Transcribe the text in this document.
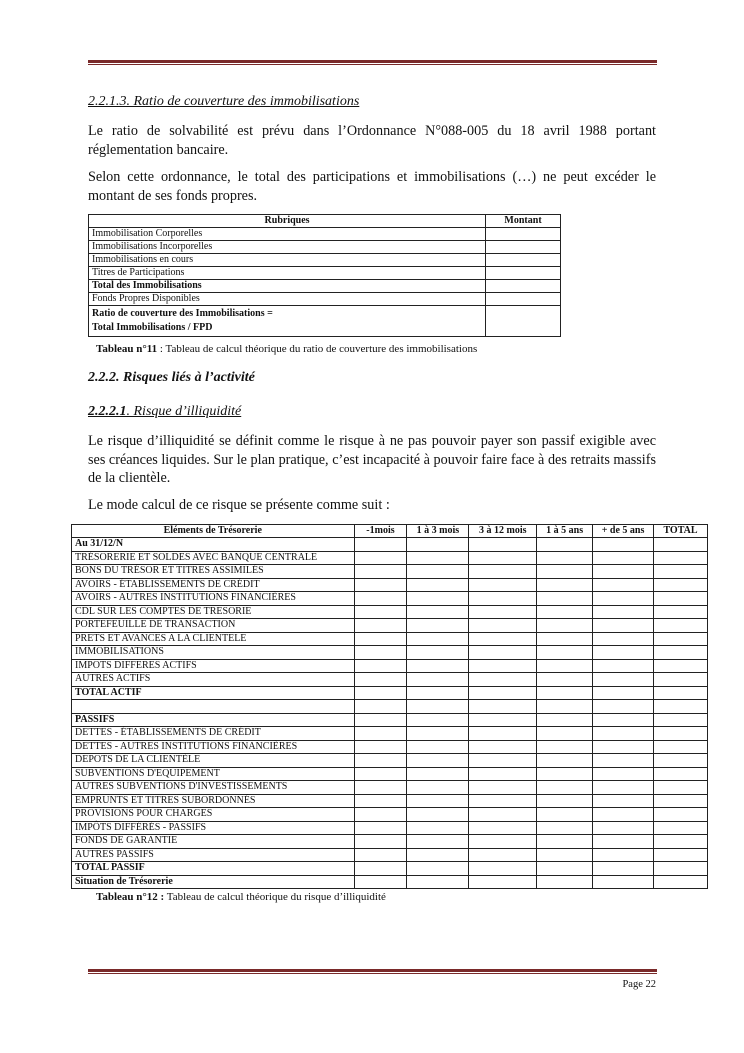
2.2.1.3. Ratio de couverture des immobilisations
Le ratio de solvabilité est prévu dans l’Ordonnance N°088-005 du 18 avril 1988 portant réglementation bancaire.
Selon cette ordonnance, le total des participations et immobilisations (…) ne peut excéder le montant de ses fonds propres.
Rubriques	Montant
Immobilisation Corporelles	
Immobilisations Incorporelles	
Immobilisations en cours	
Titres de Participations	
Total des Immobilisations	
Fonds Propres Disponibles	

Ratio de couverture des Immobilisations =
Total Immobilisations / FPD	

Tableau n°11 : Tableau de calcul théorique du ratio de couverture des immobilisations
2.2.2. Risques liés à l’activité
2.2.2.1. Risque d’illiquidité
Le risque d’illiquidité se définit comme le risque à ne pas pouvoir payer son passif exigible avec ses créances liquides. Sur le plan pratique, c’est incapacité à pouvoir faire face à des retraits massifs de la clientèle.
Le mode calcul de ce risque se présente comme suit :
Eléments de Trésorerie	-1mois	1 à 3 mois	3 à 12 mois	1 à 5 ans	+ de 5 ans	TOTAL
Au 31/12/N						
TRÉSORERIE ET SOLDES AVEC BANQUE CENTRALE						
BONS DU TRÉSOR ET TITRES ASSIMILÉS						
AVOIRS - ÉTABLISSEMENTS DE CRÉDIT						
AVOIRS - AUTRES INSTITUTIONS FINANCIÈRES						
CDL SUR LES COMPTES DE TRESORIE						
PORTEFEUILLE DE TRANSACTION						
PRETS ET AVANCES A LA CLIENTELE						
IMMOBILISATIONS						
IMPOTS DIFFERES ACTIFS						
AUTRES ACTIFS						
TOTAL ACTIF						

PASSIFS						
DETTES - ÉTABLISSEMENTS DE CRÉDIT						
DETTES - AUTRES INSTITUTIONS FINANCIÈRES						
DEPOTS DE LA CLIENTÈLE						
SUBVENTIONS D'EQUIPEMENT						
AUTRES SUBVENTIONS D'INVESTISSEMENTS						
EMPRUNTS ET TITRES SUBORDONNÉS						
PROVISIONS POUR CHARGES						
IMPÔTS DIFFÉRÉS - PASSIFS						
FONDS DE GARANTIE						
AUTRES PASSIFS						
TOTAL PASSIF						
Situation de Trésorerie						
Tableau n°12 : Tableau de calcul théorique du risque d’illiquidité
Page 22
